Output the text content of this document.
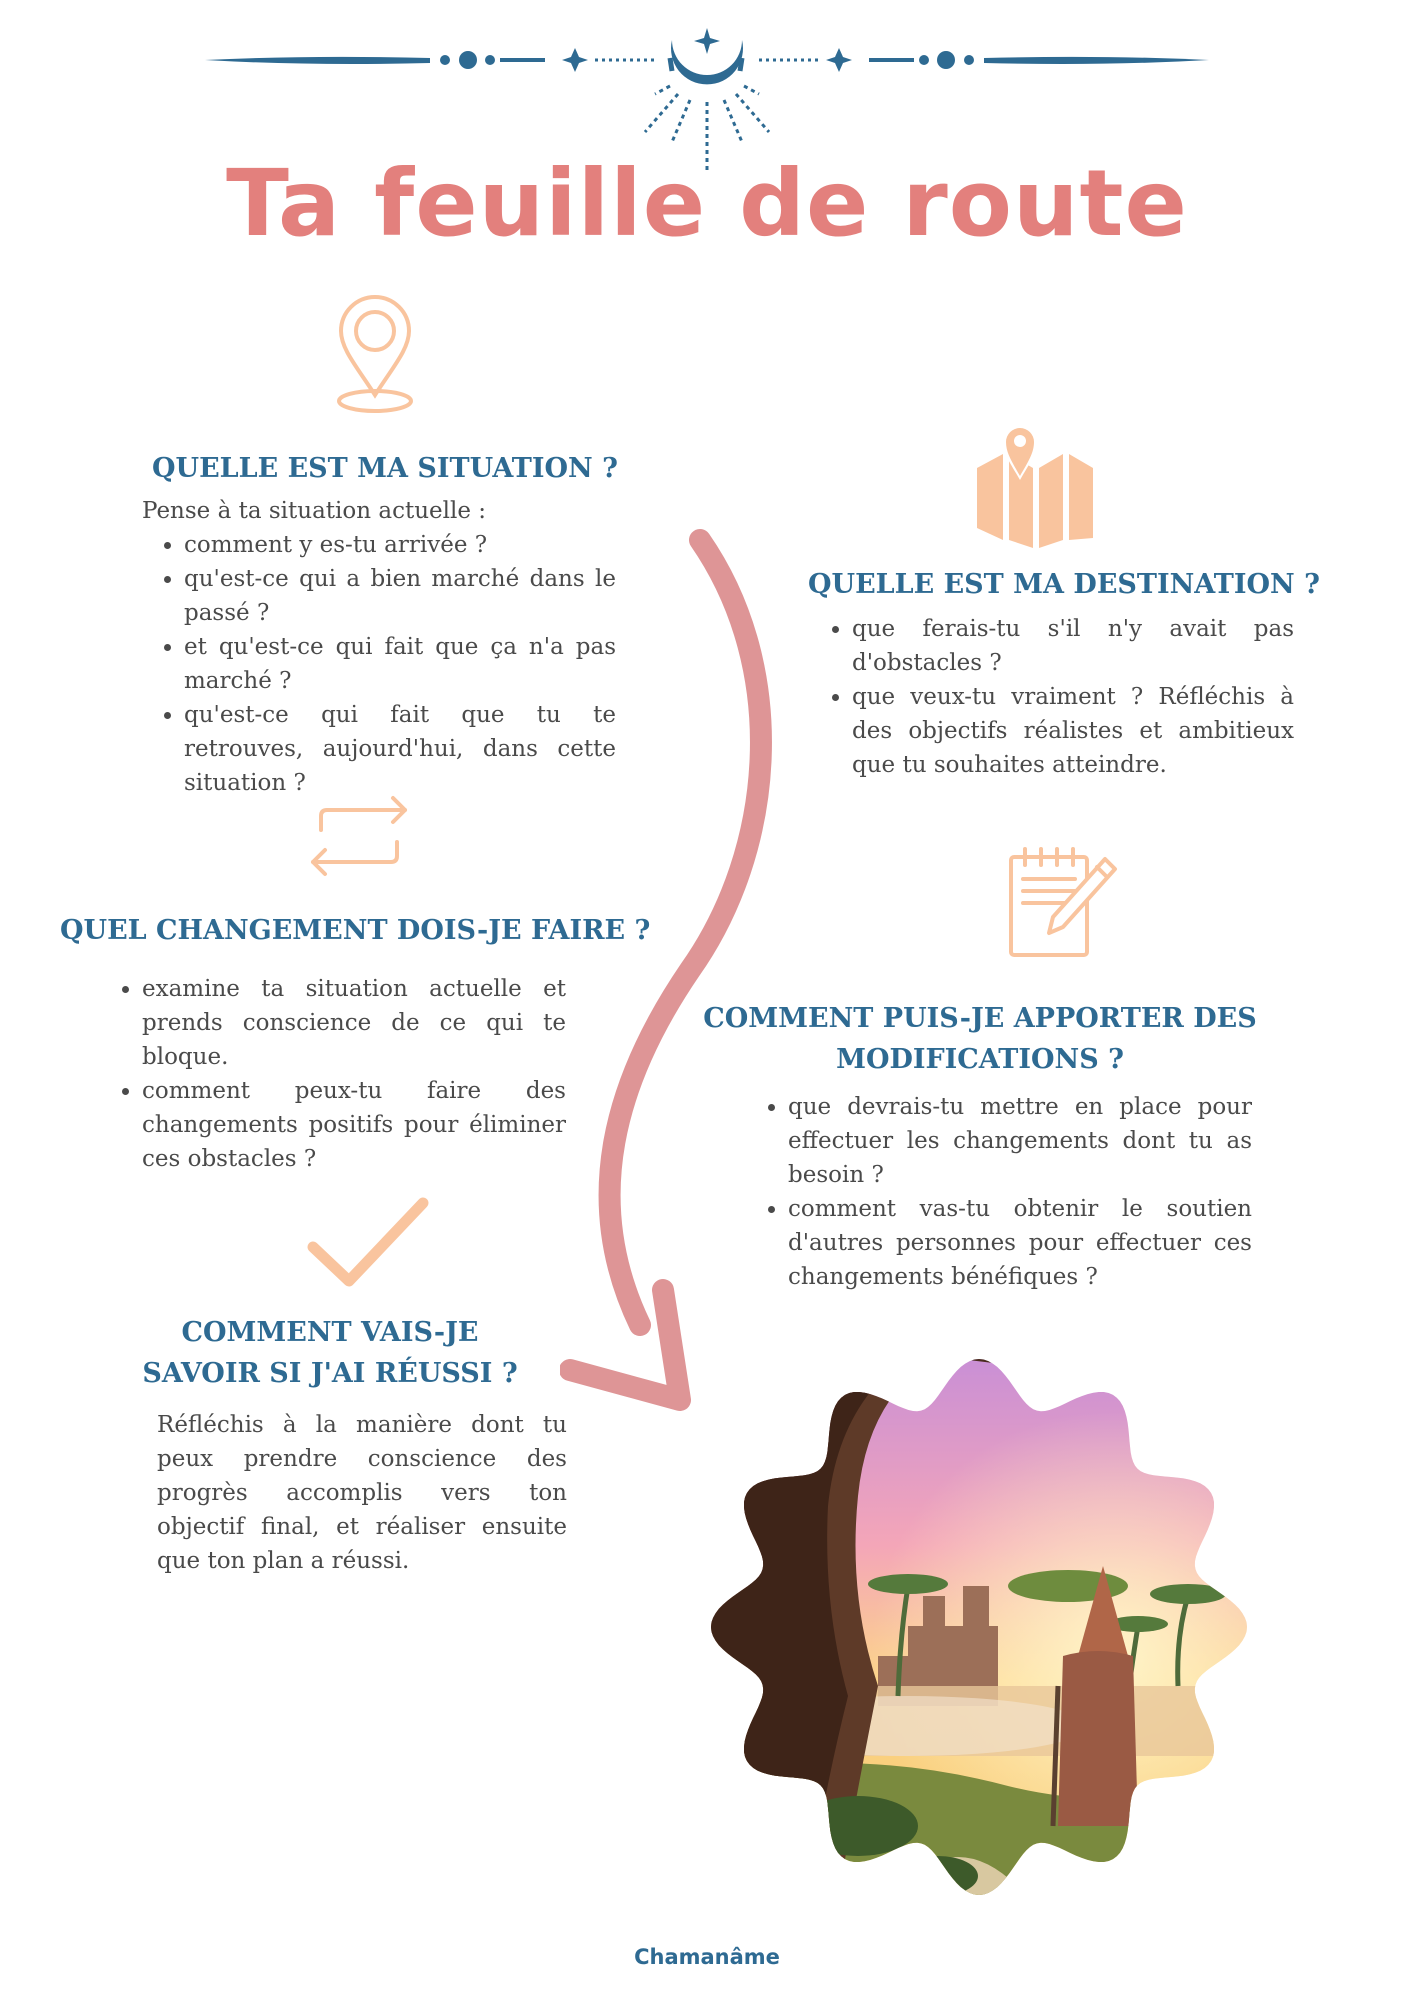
Ta feuille de route
QUELLE EST MA SITUATION ?

Pense à ta situation actuelle :

• comment y es-tu arrivée ?
• qu'est-ce qui a bien marché dans le passé ?
• et qu'est-ce qui fait que ça n'a pas marché ?
• qu'est-ce qui fait que tu te retrouves, aujourd'hui, dans cette situation ?
QUELLE EST MA DESTINATION ?
• que ferais-tu s'il n'y avait pas d'obstacles ?
• que veux-tu vraiment ? Réfléchis à des objectifs réalistes et ambitieux que tu souhaites atteindre.
QUEL CHANGEMENT DOIS-JE FAIRE ?
• examine ta situation actuelle et prends conscience de ce qui te bloque.
• comment peux-tu faire des changements positifs pour éliminer ces obstacles ?
COMMENT PUIS-JE APPORTER DES
MODIFICATIONS ?
• que devrais-tu mettre en place pour effectuer les changements dont tu as besoin ?
• comment vas-tu obtenir le soutien d'autres personnes pour effectuer ces changements bénéfiques ?
COMMENT VAIS-JE
SAVOIR SI J'AI RÉUSSI ?

Réfléchis à la manière dont tu peux prendre conscience des progrès accomplis vers ton objectif final, et réaliser ensuite que ton plan a réussi.

Chamanâme
